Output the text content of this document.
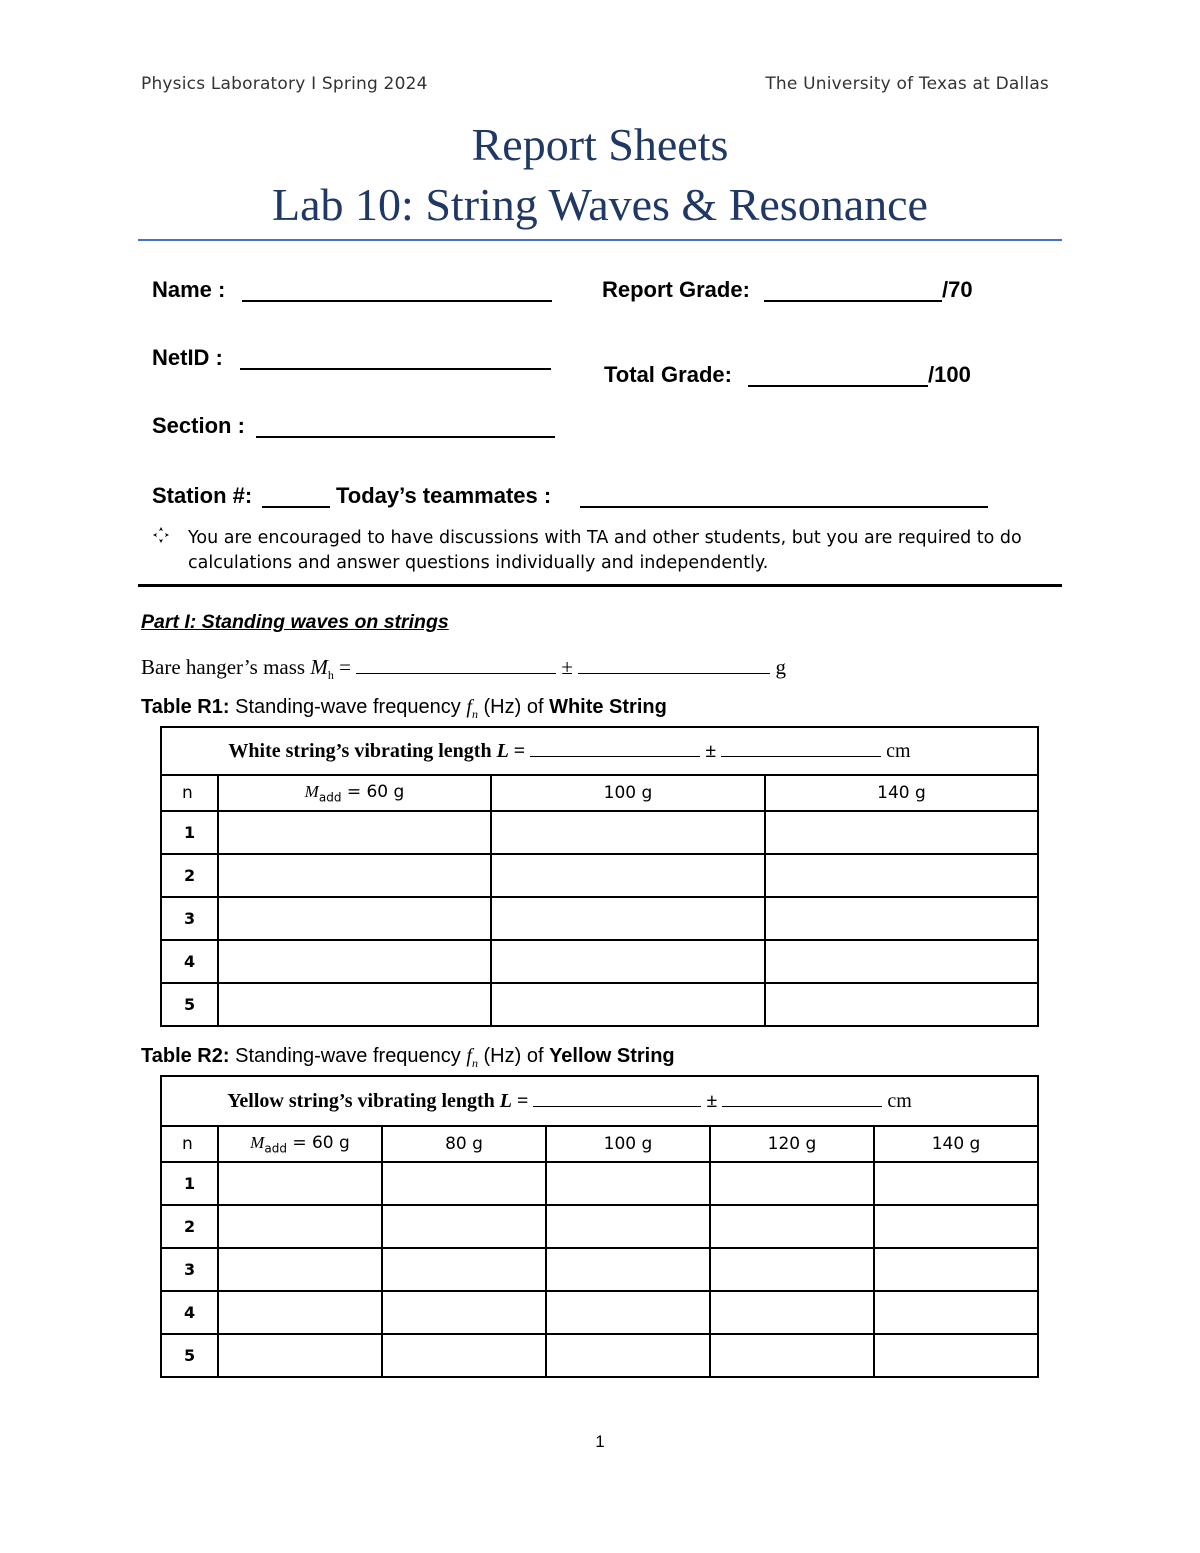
Physics Laboratory I Spring 2024	The University of Texas at Dallas
Report Sheets
Lab 10: String Waves & Resonance
Name :	Report Grade:	/70
NetID :
Total Grade:	/100
Section :
Station #:	Today’s teammates :
You are encouraged to have discussions with TA and other students, but you are required to do calculations and answer questions individually and independently.
Part I: Standing waves on strings
Bare hanger’s mass $M_h$ =	±	g
Table R1: Standing-wave frequency $f_n$ (Hz) of White String
White string’s vibrating length L = ± cm			
n	$M_{add} = 60$ g	100 g	140 g
1			
2			
3			
4			
5			
Table R2: Standing-wave frequency $f_n$ (Hz) of Yellow String
Yellow string’s vibrating length L = ± cm					
n	$M_{add} = 60$ g	80 g	100 g	120 g	140 g
1					
2					
3					
4					
5					
1
